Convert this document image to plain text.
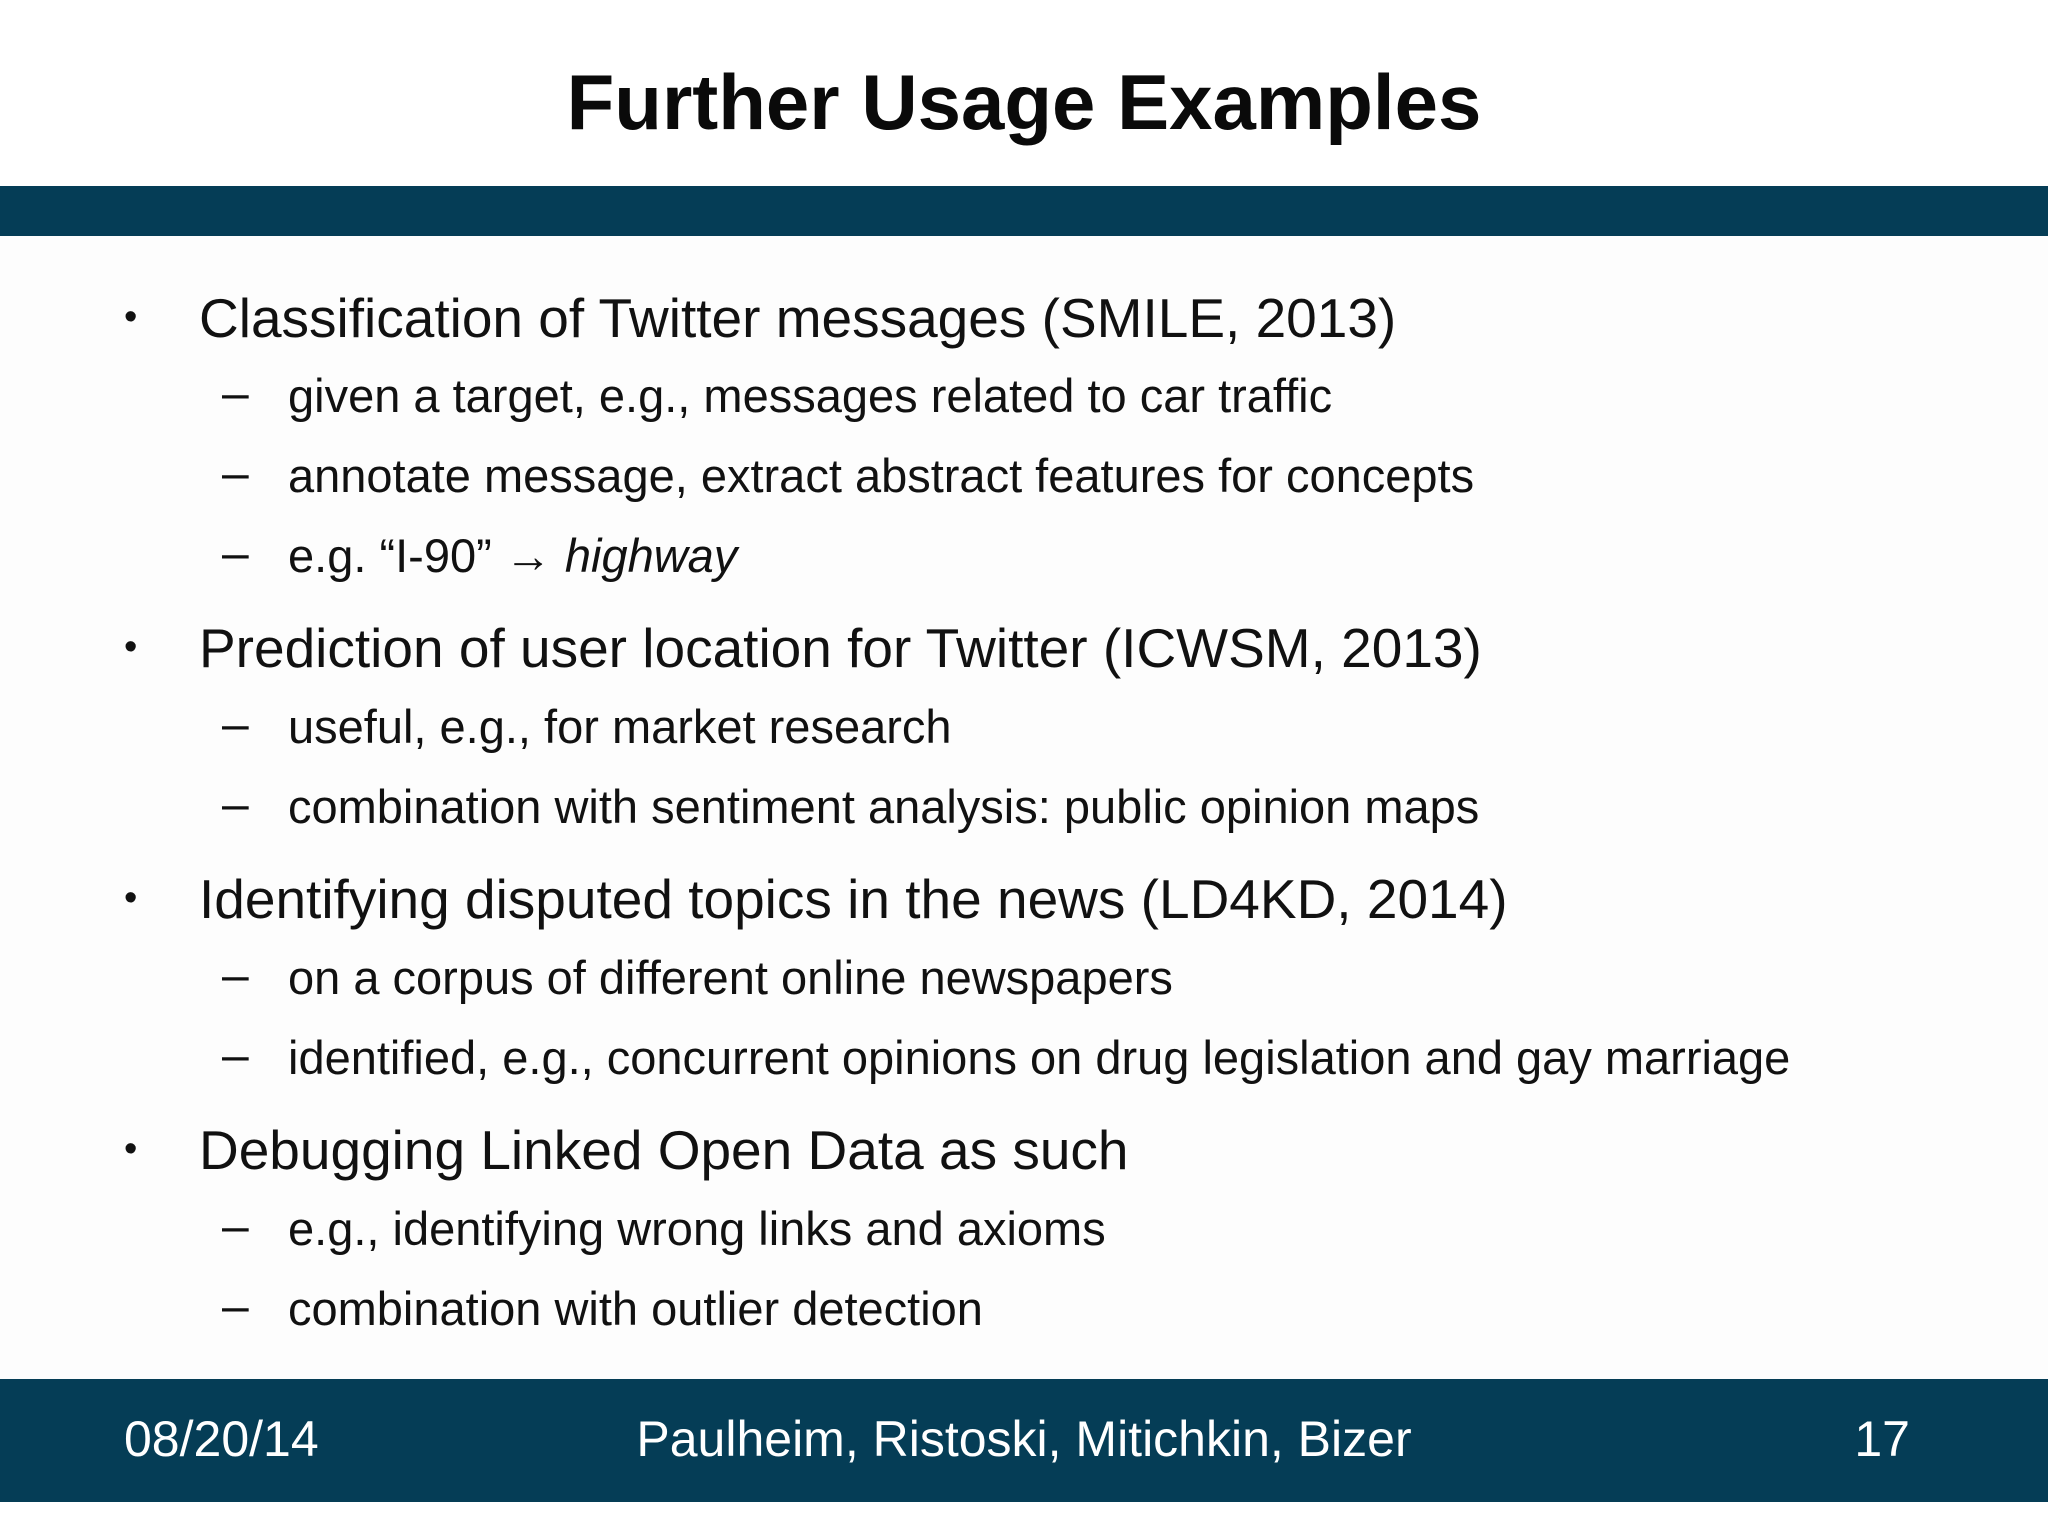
Further Usage Examples
• Classification of Twitter messages (SMILE, 2013)
– given a target, e.g., messages related to car traffic
– annotate message, extract abstract features for concepts
– e.g. “I-90” → highway
• Prediction of user location for Twitter (ICWSM, 2013)
– useful, e.g., for market research
– combination with sentiment analysis: public opinion maps
• Identifying disputed topics in the news (LD4KD, 2014)
– on a corpus of different online newspapers
– identified, e.g., concurrent opinions on drug legislation and gay marriage
• Debugging Linked Open Data as such
– e.g., identifying wrong links and axioms
– combination with outlier detection
08/20/14	Paulheim, Ristoski, Mitichkin, Bizer	17
